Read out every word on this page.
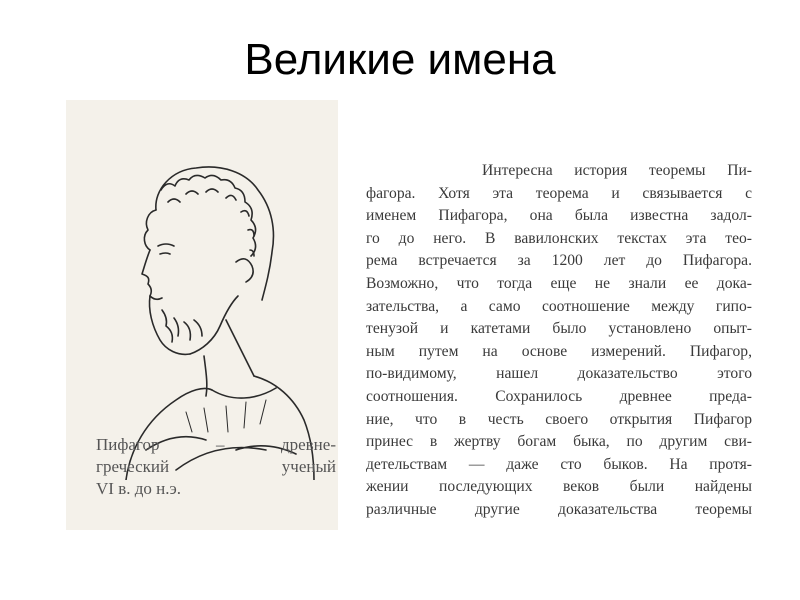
Великие имена
Пифагор	–	древне-
греческий	ученый
VI в. до н.э.

Интересна история теоремы Пи-
фагора. Хотя эта теорема и связывается с
именем Пифагора, она была известна задол-
го до него. В вавилонских текстах эта тео-
рема встречается за 1200 лет до Пифагора.
Возможно, что тогда еще не знали ее дока-
зательства, а само соотношение между гипо-
тенузой и катетами было установлено опыт-
ным путем на основе измерений. Пифагор,
по-видимому, нашел доказательство этого
соотношения. Сохранилось древнее преда-
ние, что в честь своего открытия Пифагор
принес в жертву богам быка, по другим сви-
детельствам — даже сто быков. На протя-
жении последующих веков были найдены
различные другие доказательства теоремы
